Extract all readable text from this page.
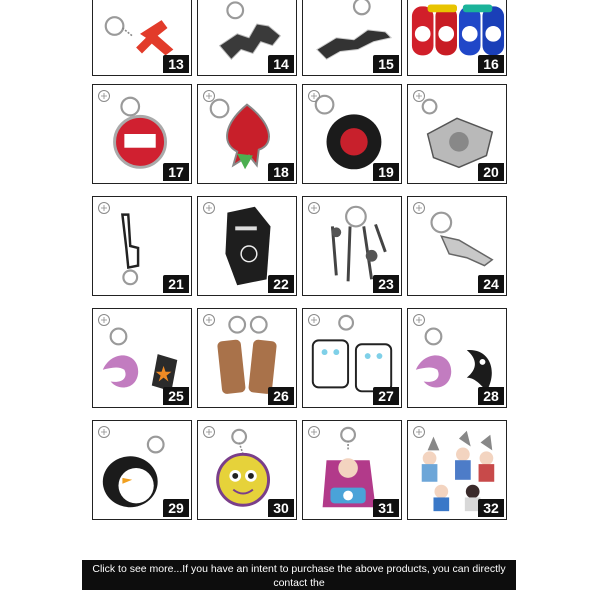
13	14	15	16
17	18	19	20
21	22	23	24
25	26	27	28
29	30	31	32
Click to see more...If you have an intent to purchase the above products, you can directly contact the
product serial number directly.
